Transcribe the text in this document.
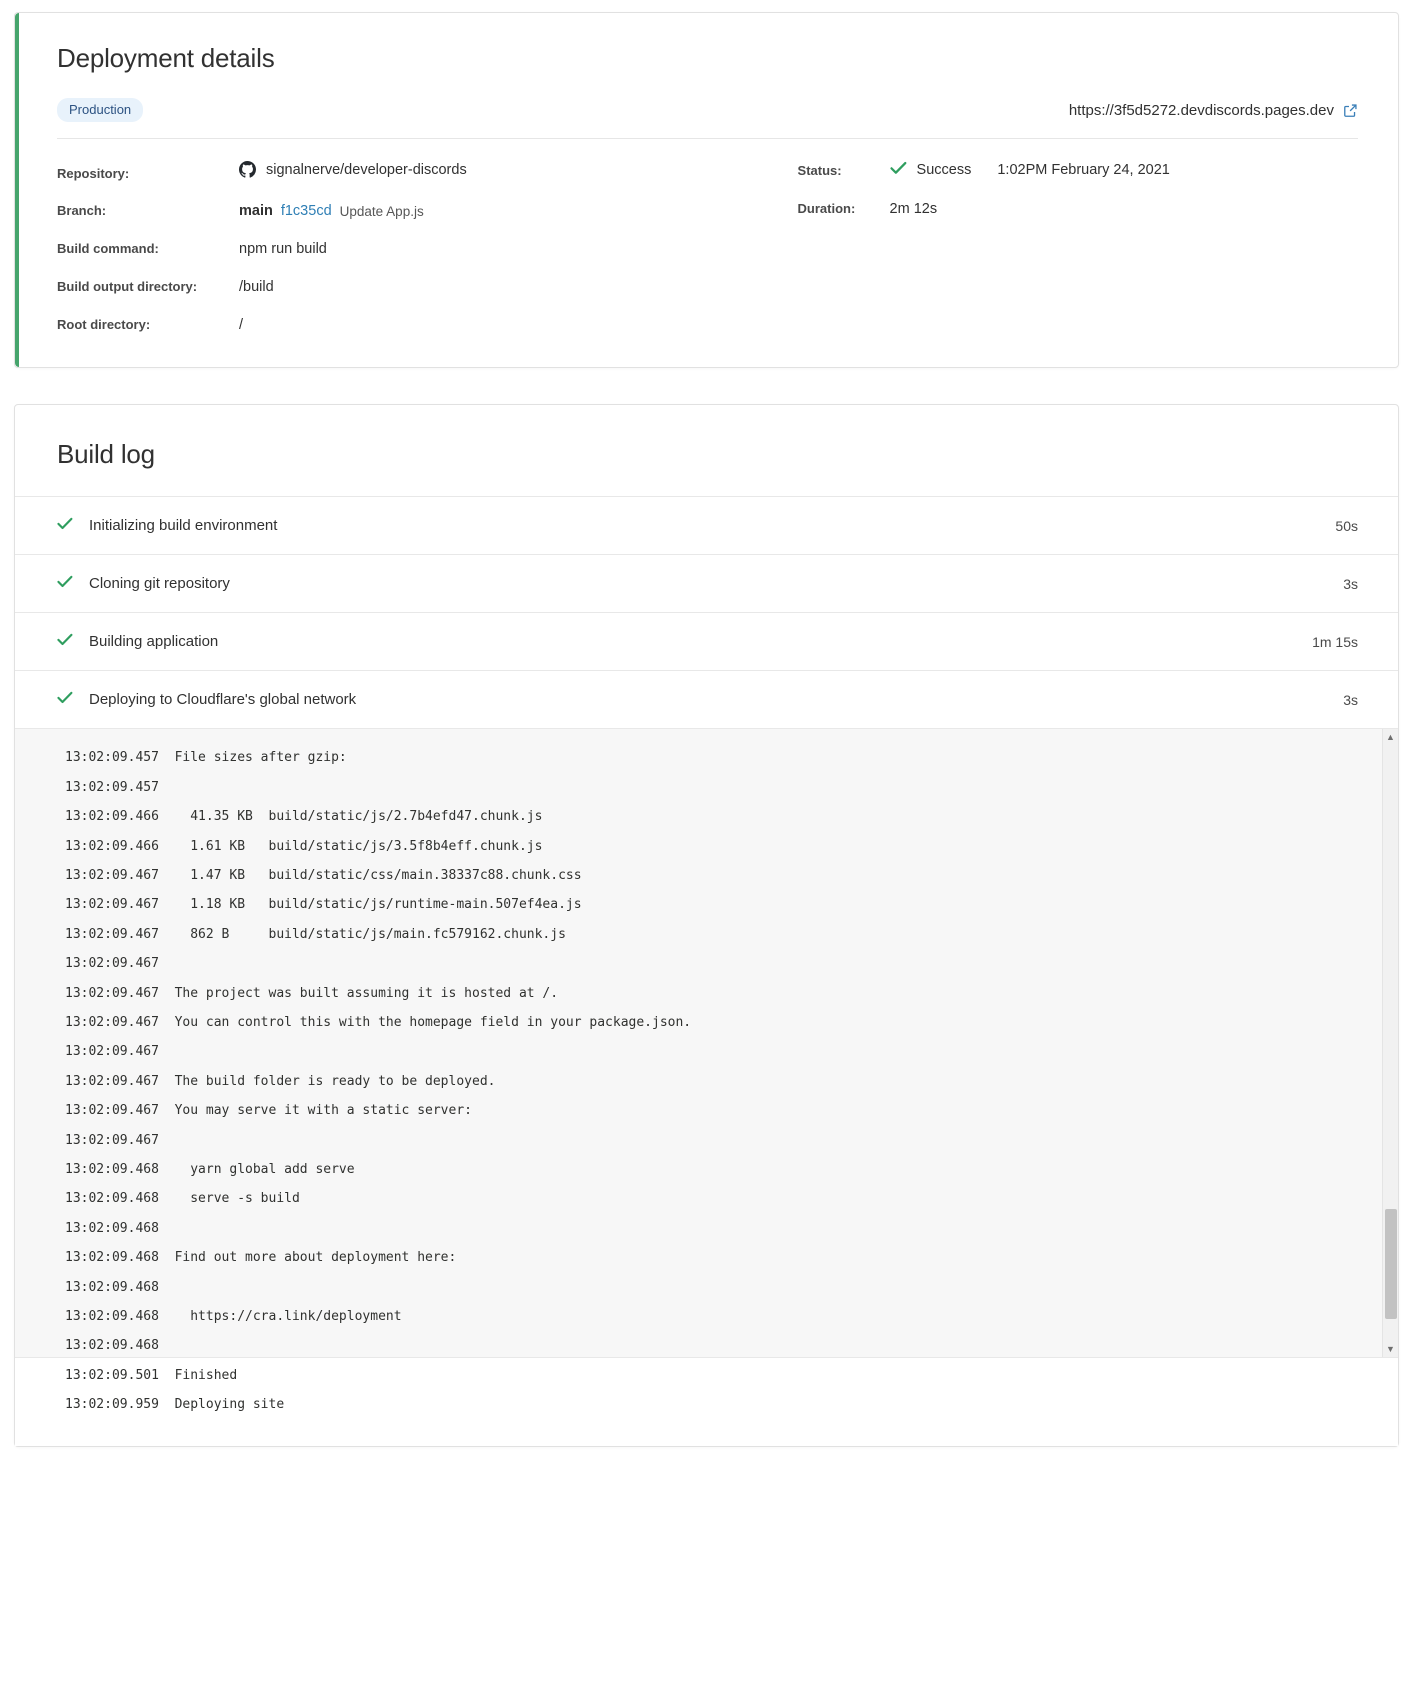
Deployment details
Production	https://3f5d5272.devdiscords.pages.dev
Repository:	signalnerve/developer-discords
Branch:	main f1c35cd Update App.js
Build command:	npm run build
Build output directory:	/build
Root directory:	/
Status:	Success 1:02PM February 24, 2021
Duration:	2m 12s
Build log
Initializing build environment	50s
Cloning git repository	3s
Building application	1m 15s
Deploying to Cloudflare's global network	3s
13:02:09.457  File sizes after gzip:
13:02:09.457
13:02:09.466    41.35 KB  build/static/js/2.7b4efd47.chunk.js
13:02:09.466    1.61 KB   build/static/js/3.5f8b4eff.chunk.js
13:02:09.467    1.47 KB   build/static/css/main.38337c88.chunk.css
13:02:09.467    1.18 KB   build/static/js/runtime-main.507ef4ea.js
13:02:09.467    862 B     build/static/js/main.fc579162.chunk.js
13:02:09.467
13:02:09.467  The project was built assuming it is hosted at /.
13:02:09.467  You can control this with the homepage field in your package.json.
13:02:09.467
13:02:09.467  The build folder is ready to be deployed.
13:02:09.467  You may serve it with a static server:
13:02:09.467
13:02:09.468    yarn global add serve
13:02:09.468    serve -s build
13:02:09.468
13:02:09.468  Find out more about deployment here:
13:02:09.468
13:02:09.468    https://cra.link/deployment
13:02:09.468
13:02:09.501  Finished
13:02:09.959  Deploying site
▲
▼
